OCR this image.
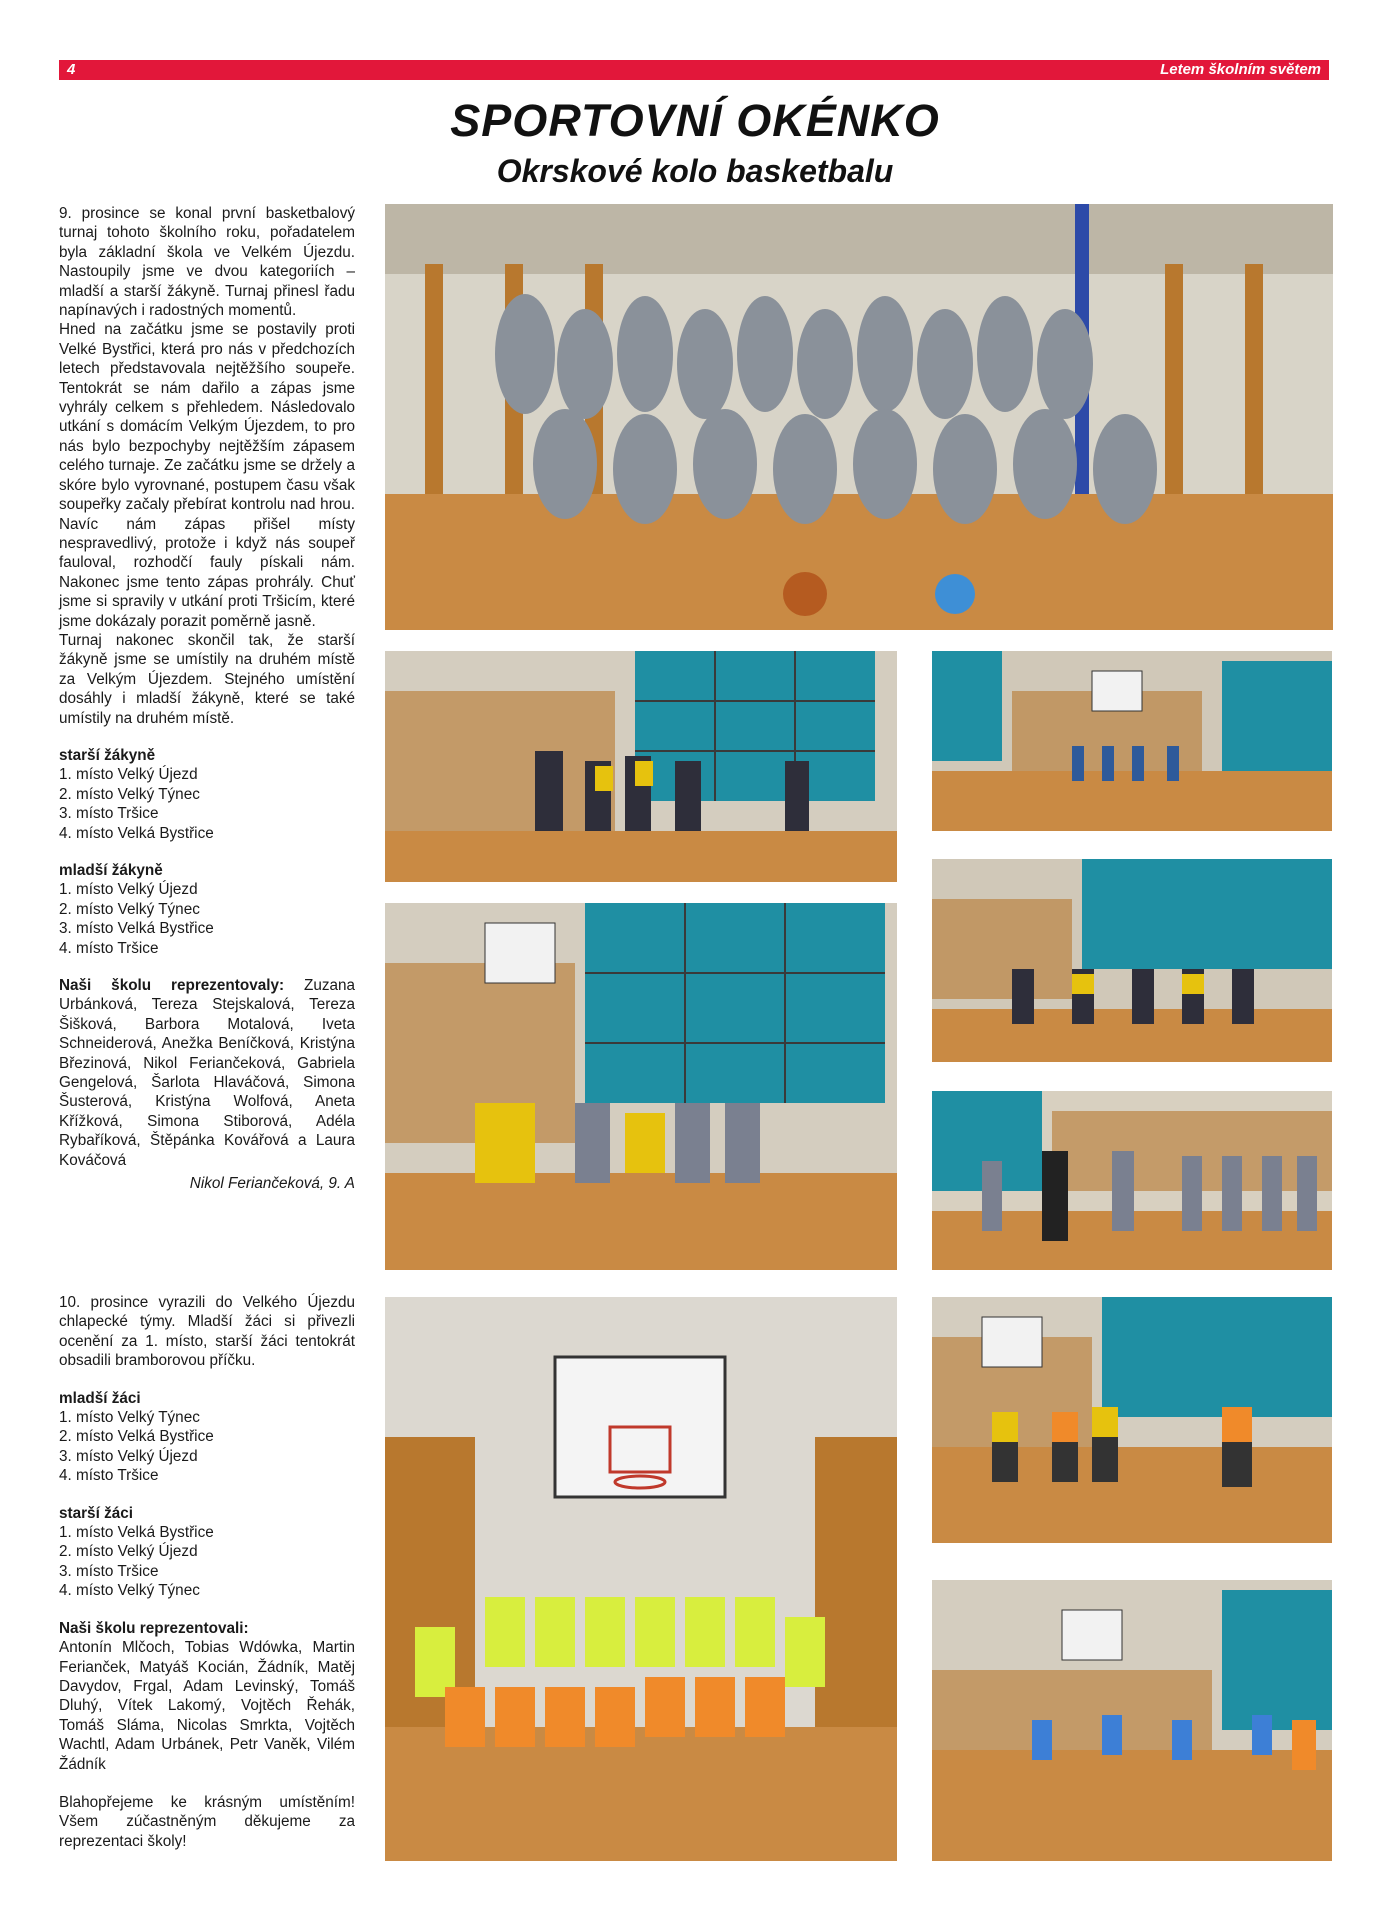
4	Letem školním světem
SPORTOVNÍ OKÉNKO
Okrskové kolo basketbalu

9. prosince se konal první basketbalový turnaj tohoto školního roku, pořadatelem byla základní škola ve Velkém Újezdu. Nastoupily jsme ve dvou kategoriích – mladší a starší žákyně. Turnaj přinesl řadu napínavých i radostných momentů.

Hned na začátku jsme se postavily proti Velké Bystřici, která pro nás v předchozích letech představovala nejtěžšího soupeře. Tentokrát se nám dařilo a zápas jsme vyhrály celkem s přehledem. Následovalo utkání s domácím Velkým Újezdem, to pro nás bylo bezpochyby nejtěžším zápasem celého turnaje. Ze začátku jsme se držely a skóre bylo vyrovnané, postupem času však soupeřky začaly přebírat kontrolu nad hrou. Navíc nám zápas přišel místy nespravedlivý, protože i když nás soupeř fauloval, rozhodčí fauly pískali nám. Nakonec jsme tento zápas prohrály. Chuť jsme si spravily v utkání proti Tršicím, které jsme dokázaly porazit poměrně jasně.

Turnaj nakonec skončil tak, že starší žákyně jsme se umístily na druhém místě za Velkým Újezdem. Stejného umístění dosáhly i mladší žákyně, které se také umístily na druhém místě.

starší žákyně
1. místo Velký Újezd
2. místo Velký Týnec
3. místo Tršice
4. místo Velká Bystřice
mladší žákyně
1. místo Velký Újezd
2. místo Velký Týnec
3. místo Velká Bystřice
4. místo Tršice

Naši školu reprezentovaly: Zuzana Urbánková, Tereza Stejskalová, Tereza Šišková, Barbora Motalová, Iveta Schneiderová, Anežka Beníčková, Kristýna Březinová, Nikol Feriančeková, Gabriela Gengelová, Šarlota Hlaváčová, Simona Šusterová, Kristýna Wolfová, Aneta Křížková, Simona Stiborová, Adéla Rybaříková, Štěpánka Kovářová a Laura Kováčová

Nikol Feriančeková, 9. A

10. prosince vyrazili do Velkého Újezdu chlapecké týmy. Mladší žáci si přivezli ocenění za 1. místo, starší žáci tentokrát obsadili bramborovou příčku.

mladší žáci
1. místo Velký Týnec
2. místo Velká Bystřice
3. místo Velký Újezd
4. místo Tršice
starší žáci
1. místo Velká Bystřice
2. místo Velký Újezd
3. místo Tršice
4. místo Velký Týnec
Naši školu reprezentovali:

Antonín Mlčoch, Tobias Wdówka, Martin Ferianček, Matyáš Kocián, Žádník, Matěj Davydov, Frgal, Adam Levinský, Tomáš Dluhý, Vítek Lakomý, Vojtěch Řehák, Tomáš Sláma, Nicolas Smrkta, Vojtěch Wachtl, Adam Urbánek, Petr Vaněk, Vilém Žádník

Blahopřejeme ke krásným umístěním! Všem zúčastněným děkujeme za reprezentaci školy!
